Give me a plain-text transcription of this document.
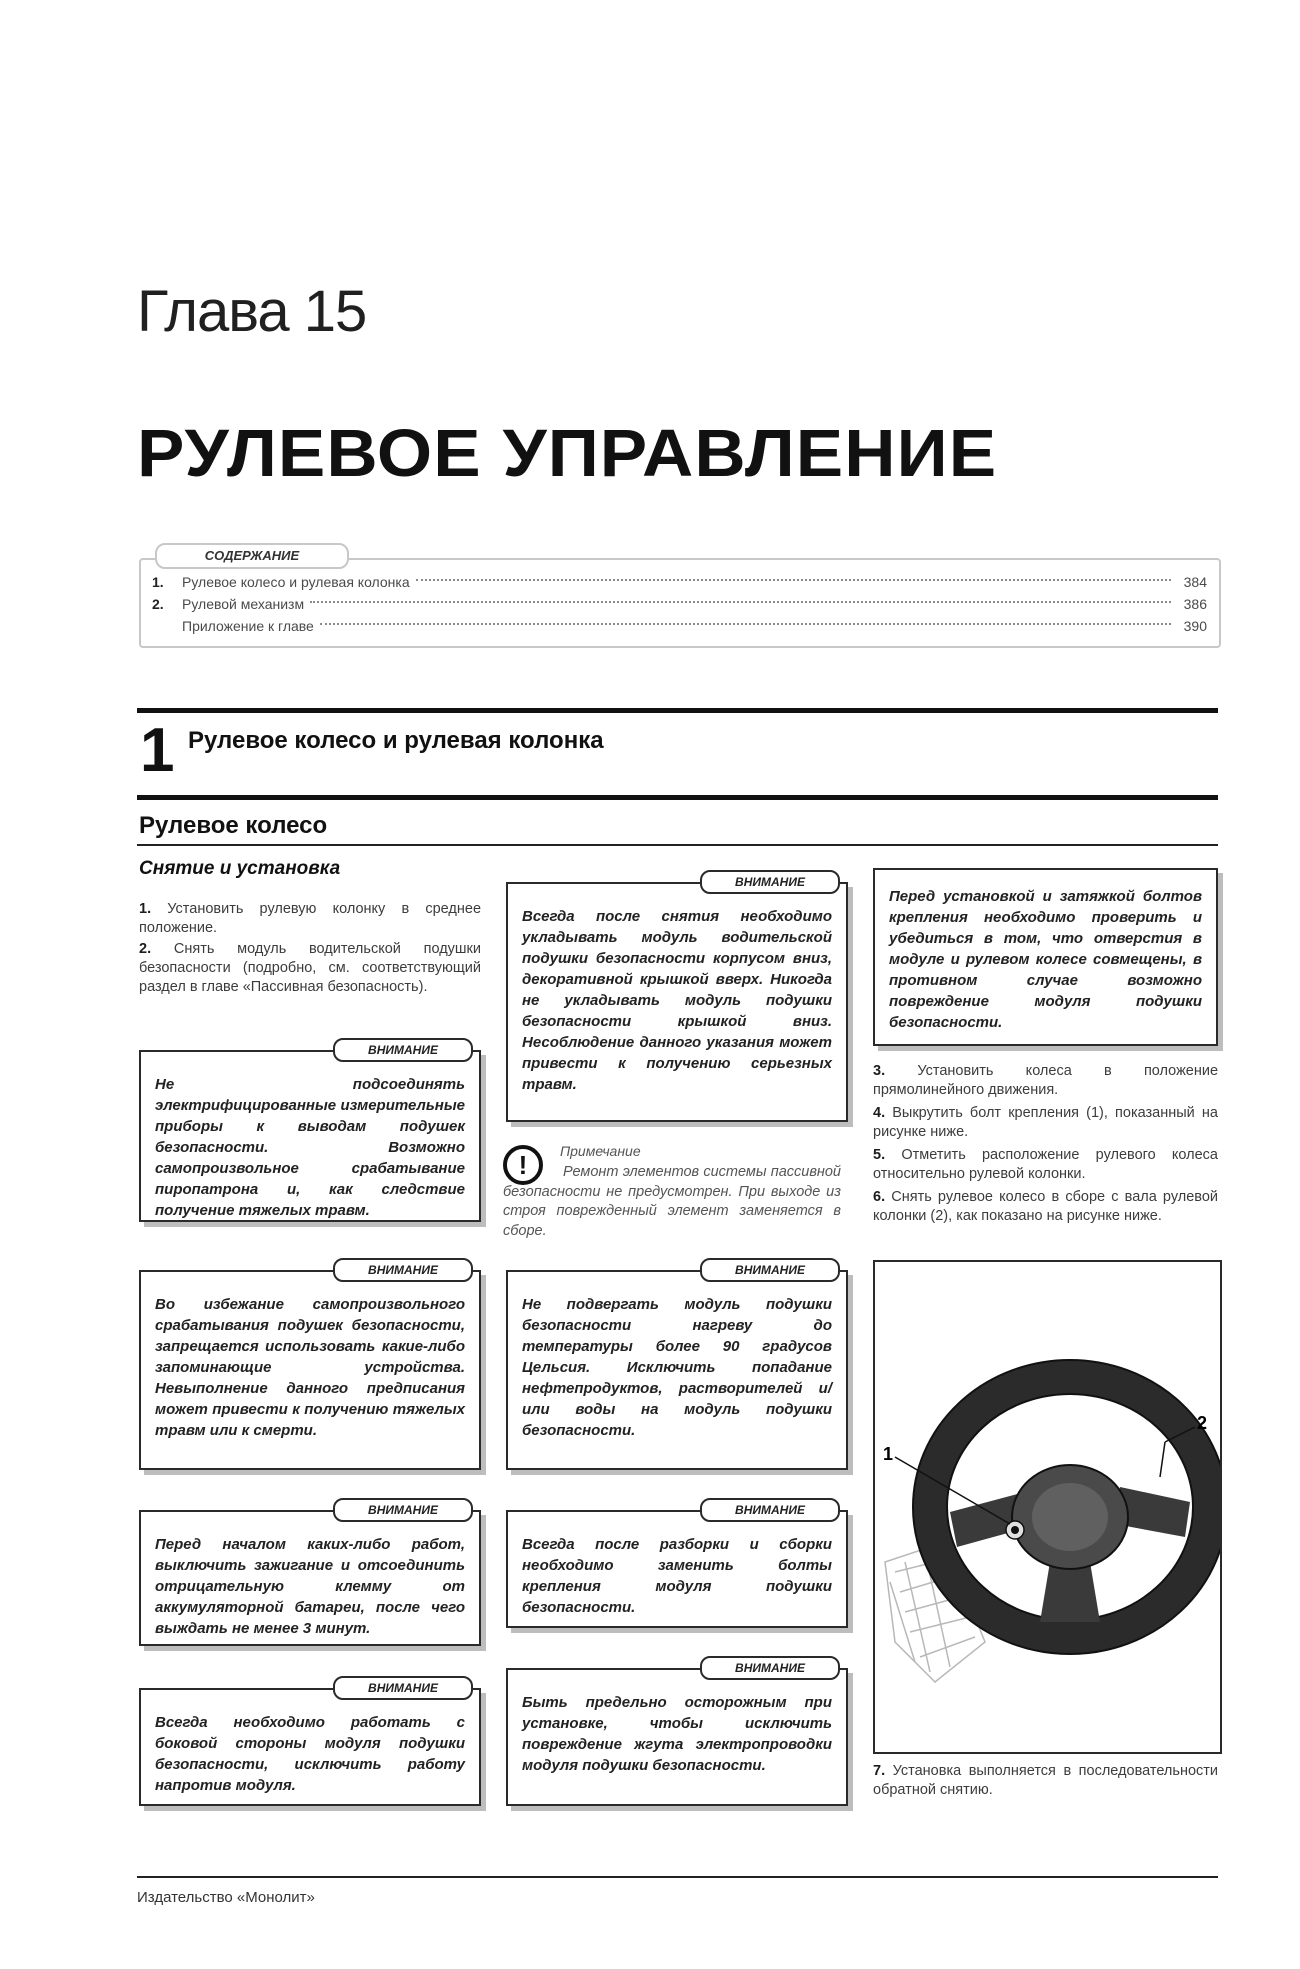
Глава 15
РУЛЕВОЕ УПРАВЛЕНИЕ
СОДЕРЖАНИЕ
1.	Рулевое колесо и рулевая колонка	384
2.	Рулевой механизм	386
Приложение к главе	390
1 Рулевое колесо и рулевая колонка
Рулевое колесо
Снятие и установка
1. Установить рулевую колонку в среднее положение.
2. Снять модуль водительской подушки безопасности (подробно, см. соответствующий раздел в главе «Пассивная безопасность).
Не подсоединять электрифицированные измерительные приборы к выводам подушек безопасности. Возможно самопроизвольное срабатывание пиропатрона и, как следствие получение тяжелых травм.
ВНИМАНИЕ
Во избежание самопроизвольного срабатывания подушек безопасности, запрещается использовать какие-либо запоминающие устройства. Невыполнение данного предписания может привести к получению тяжелых травм или к смерти.
ВНИМАНИЕ
Перед началом каких-либо работ, выключить зажигание и отсоединить отрицательную клемму от аккумуляторной батареи, после чего выждать не менее 3 минут.
ВНИМАНИЕ
Всегда необходимо работать с боковой стороны модуля подушки безопасности, исключить работу напротив модуля.
ВНИМАНИЕ
Всегда после снятия необходимо укладывать модуль водительской подушки безопасности корпусом вниз, декоративной крышкой вверх. Никогда не укладывать модуль подушки безопасности крышкой вниз. Несоблюдение данного указания может привести к получению серьезных травм.
ВНИМАНИЕ
!	Примечание
Ремонт элементов системы пассивной безопасности не предусмотрен. При выходе из строя поврежденный элемент заменяется в сборе.
Не подвергать модуль подушки безопасности нагреву до температуры более 90 градусов Цельсия. Исключить попадание нефтепродуктов, растворителей и/или воды на модуль подушки безопасности.
ВНИМАНИЕ
Всегда после разборки и сборки необходимо заменить болты крепления модуля подушки безопасности.
ВНИМАНИЕ
Быть предельно осторожным при установке, чтобы исключить повреждение жгута электропроводки модуля подушки безопасности.
ВНИМАНИЕ
Перед установкой и затяжкой болтов крепления необходимо проверить и убедиться в том, что отверстия в модуле и рулевом колесе совмещены, в противном случае возможно повреждение модуля подушки безопасности.
3. Установить колеса в положение прямолинейного движения.
4. Выкрутить болт крепления (1), показанный на рисунке ниже.
5. Отметить расположение рулевого колеса относительно рулевой колонки.
6. Снять рулевое колесо в сборе с вала рулевой колонки (2), как показано на рисунке ниже.
1
2
7. Установка выполняется в последовательности обратной снятию.
Издательство «Монолит»
